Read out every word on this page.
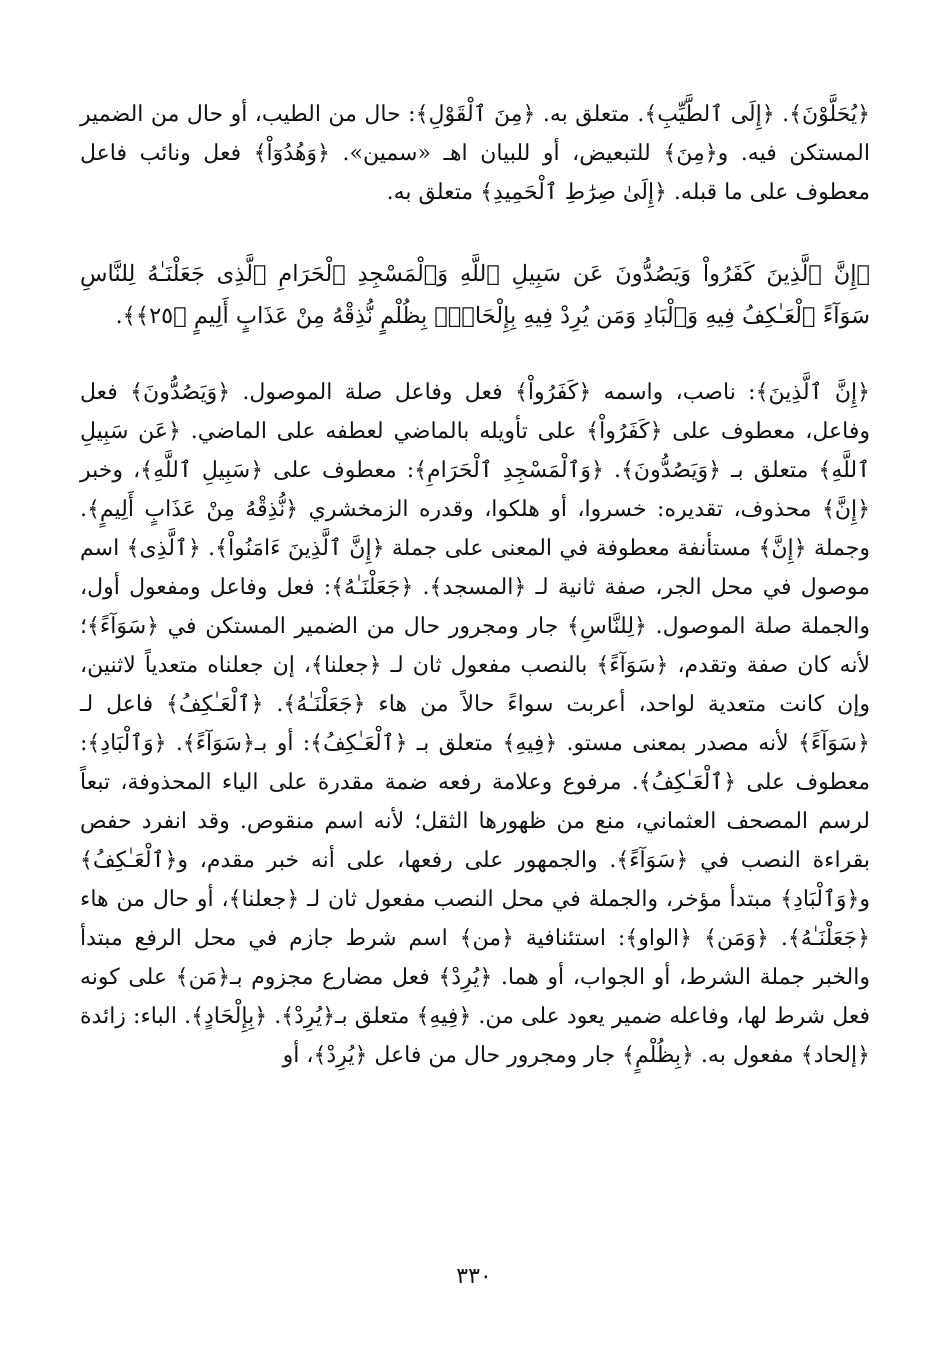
﴿يُحَلَّوْنَ﴾. ﴿إِلَى ٱلطَّيِّبِ﴾. متعلق به. ﴿مِنَ ٱلْقَوْلِ﴾: حال من الطيب، أو حال من الضمير المستكن فيه. و﴿مِنَ﴾ للتبعيض، أو للبيان اهـ «سمين». ﴿وَهُدُوٓاْ﴾ فعل ونائب فاعل معطوف على ما قبله. ﴿إِلَىٰ صِرَٰطِ ٱلْحَمِيدِ﴾ متعلق به.

﴿إِنَّ ٱلَّذِينَ كَفَرُواْ وَيَصُدُّونَ عَن سَبِيلِ ٱللَّهِ وَٱلْمَسْجِدِ ٱلْحَرَامِ ٱلَّذِى جَعَلْنَـٰهُ لِلنَّاسِ سَوَآءً ٱلْعَـٰكِفُ فِيهِ وَٱلْبَادِ وَمَن يُرِدْ فِيهِ بِإِلْحَادٍۭ بِظُلْمٍ نُّذِقْهُ مِنْ عَذَابٍ أَلِيمٍ ﴿٢٥﴾﴾.

﴿إِنَّ ٱلَّذِينَ﴾: ناصب، واسمه ﴿كَفَرُواْ﴾ فعل وفاعل صلة الموصول. ﴿وَيَصُدُّونَ﴾ فعل وفاعل، معطوف على ﴿كَفَرُواْ﴾ على تأويله بالماضي لعطفه على الماضي. ﴿عَن سَبِيلِ ٱللَّهِ﴾ متعلق بـ ﴿وَيَصُدُّونَ﴾. ﴿وَٱلْمَسْجِدِ ٱلْحَرَامِ﴾: معطوف على ﴿سَبِيلِ ٱللَّهِ﴾، وخبر ﴿إِنَّ﴾ محذوف، تقديره: خسروا، أو هلكوا، وقدره الزمخشري ﴿نُّذِقْهُ مِنْ عَذَابٍ أَلِيمٍ﴾. وجملة ﴿إِنَّ﴾ مستأنفة معطوفة في المعنى على جملة ﴿إِنَّ ٱلَّذِينَ ءَامَنُواْ﴾. ﴿ٱلَّذِى﴾ اسم موصول في محل الجر، صفة ثانية لـ ﴿المسجد﴾. ﴿جَعَلْنَـٰهُ﴾: فعل وفاعل ومفعول أول، والجملة صلة الموصول. ﴿لِلنَّاسِ﴾ جار ومجرور حال من الضمير المستكن في ﴿سَوَآءً﴾؛ لأنه كان صفة وتقدم، ﴿سَوَآءً﴾ بالنصب مفعول ثان لـ ﴿جعلنا﴾، إن جعلناه متعدياً لاثنين، وإن كانت متعدية لواحد، أعربت سواءً حالاً من هاء ﴿جَعَلْنَـٰهُ﴾. ﴿ٱلْعَـٰكِفُ﴾ فاعل لـ ﴿سَوَآءً﴾ لأنه مصدر بمعنى مستو. ﴿فِيهِ﴾ متعلق بـ ﴿ٱلْعَـٰكِفُ﴾: أو بـ﴿سَوَآءً﴾. ﴿وَٱلْبَادِ﴾: معطوف على ﴿ٱلْعَـٰكِفُ﴾. مرفوع وعلامة رفعه ضمة مقدرة على الياء المحذوفة، تبعاً لرسم المصحف العثماني، منع من ظهورها الثقل؛ لأنه اسم منقوص. وقد انفرد حفص بقراءة النصب في ﴿سَوَآءً﴾. والجمهور على رفعها، على أنه خبر مقدم، و﴿ٱلْعَـٰكِفُ﴾ و﴿وَٱلْبَادِ﴾ مبتدأ مؤخر، والجملة في محل النصب مفعول ثان لـ ﴿جعلنا﴾، أو حال من هاء ﴿جَعَلْنَـٰهُ﴾. ﴿وَمَن﴾ ﴿الواو﴾: استئنافية ﴿من﴾ اسم شرط جازم في محل الرفع مبتدأ والخبر جملة الشرط، أو الجواب، أو هما. ﴿يُرِدْ﴾ فعل مضارع مجزوم بـ﴿مَن﴾ على كونه فعل شرط لها، وفاعله ضمير يعود على من. ﴿فِيهِ﴾ متعلق بـ﴿يُرِدْ﴾. ﴿بِإِلْحَادٍ﴾. الباء: زائدة ﴿إلحاد﴾ مفعول به. ﴿بِظُلْمٍ﴾ جار ومجرور حال من فاعل ﴿يُرِدْ﴾، أو

٣٣٠
